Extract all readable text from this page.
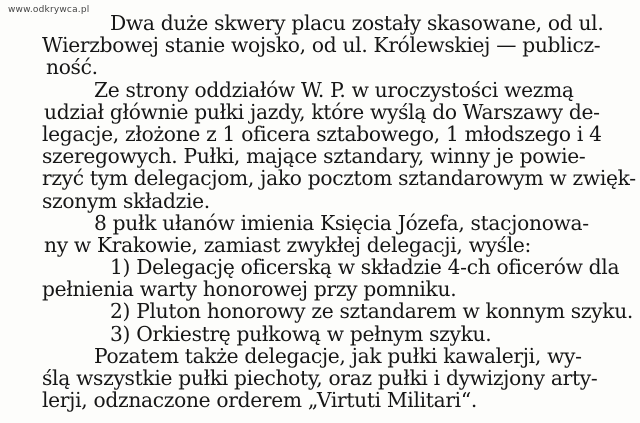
www.odkrywca.pl
Dwa duże skwery placu zostały skasowane, od ul.
Wierzbowej stanie wojsko, od ul. Królewskiej — publicz-
ność.
Ze strony oddziałów W. P. w uroczystości wezmą
udział głównie pułki jazdy, które wyślą do Warszawy de-
legacje, złożone z 1 oficera sztabowego, 1 młodszego i 4
szeregowych. Pułki, mające sztandary, winny je powie-
rzyć tym delegacjom, jako pocztom sztandarowym w zwięk-
szonym składzie.
8 pułk ułanów imienia Księcia Józefa, stacjonowa-
ny w Krakowie, zamiast zwykłej delegacji, wyśle:
1) Delegację oficerską w składzie 4-ch oficerów dla
pełnienia warty honorowej przy pomniku.
2) Pluton honorowy ze sztandarem w konnym szyku.
3) Orkiestrę pułkową w pełnym szyku.
Pozatem także delegacje, jak pułki kawalerji, wy-
ślą wszystkie pułki piechoty, oraz pułki i dywizjony arty-
lerji, odznaczone orderem „Virtuti Militari“.
